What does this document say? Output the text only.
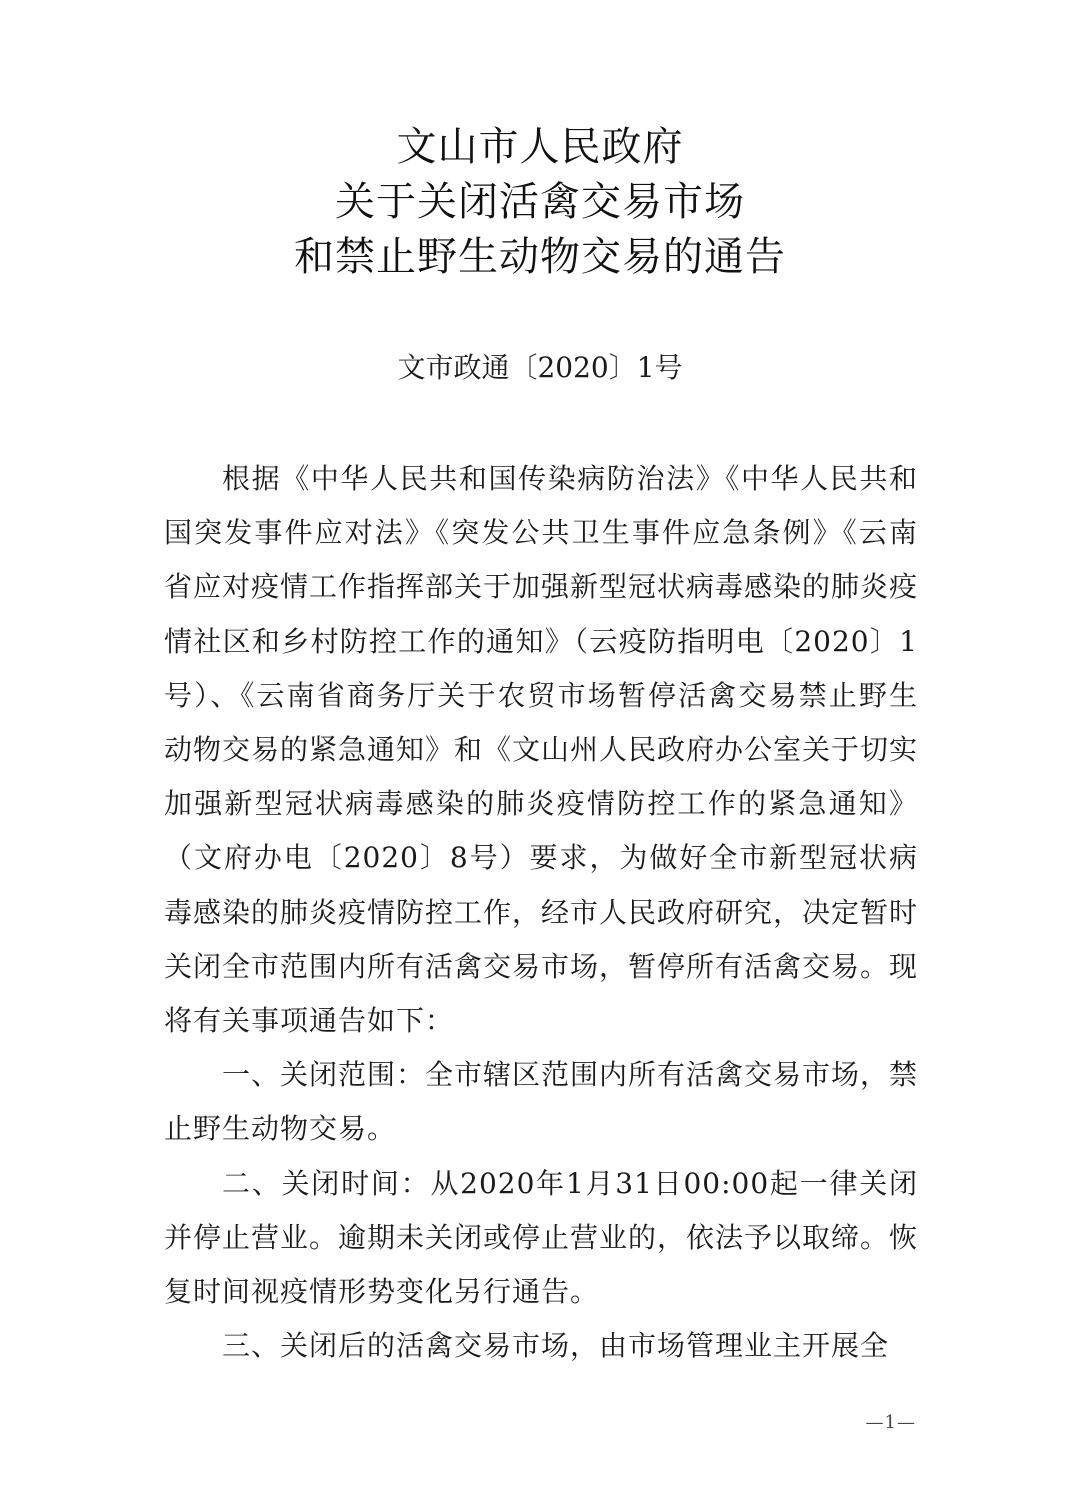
文山市人民政府
关于关闭活禽交易市场
和禁止野生动物交易的通告
文市政通〔2020〕1号

根据《中华人民共和国传染病防治法》《中华人民共和国突发事件应对法》《突发公共卫生事件应急条例》《云南省应对疫情工作指挥部关于加强新型冠状病毒感染的肺炎疫情社区和乡村防控工作的通知》（云疫防指明电〔2020〕1号）、《云南省商务厅关于农贸市场暂停活禽交易禁止野生动物交易的紧急通知》和《文山州人民政府办公室关于切实加强新型冠状病毒感染的肺炎疫情防控工作的紧急通知》（文府办电〔2020〕8号）要求，为做好全市新型冠状病毒感染的肺炎疫情防控工作，经市人民政府研究，决定暂时关闭全市范围内所有活禽交易市场，暂停所有活禽交易。现将有关事项通告如下：

一、关闭范围：全市辖区范围内所有活禽交易市场，禁止野生动物交易。

二、关闭时间：从2020年1月31日00:00起一律关闭并停止营业。逾期未关闭或停止营业的，依法予以取缔。恢复时间视疫情形势变化另行通告。

三、关闭后的活禽交易市场，由市场管理业主开展全

—1—
